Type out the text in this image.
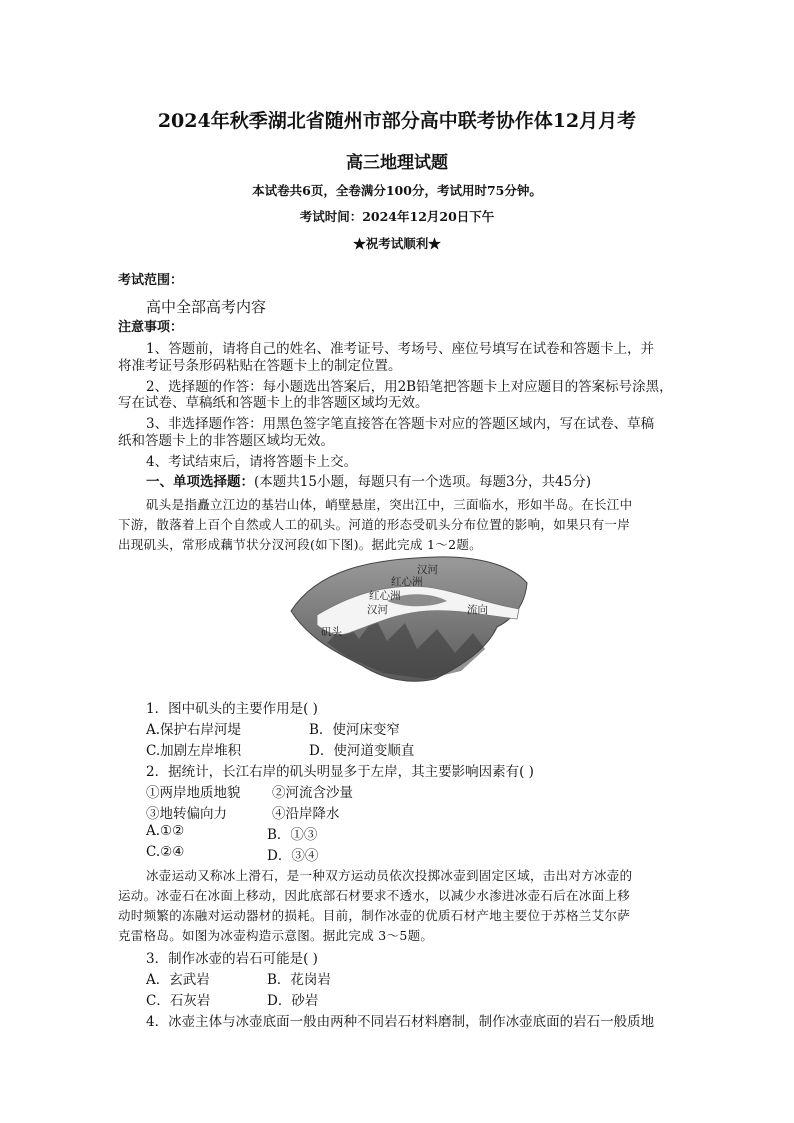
2024年秋季湖北省随州市部分高中联考协作体12月月考
高三地理试题
本试卷共6页，全卷满分100分，考试用时75分钟。
考试时间：2024年12月20日下午
★祝考试顺利★
考试范围：
高中全部高考内容
注意事项：
1、答题前，请将自己的姓名、准考证号、考场号、座位号填写在试卷和答题卡上，并
将准考证号条形码粘贴在答题卡上的制定位置。
2、选择题的作答：每小题选出答案后，用2B铅笔把答题卡上对应题目的答案标号涂黑，
写在试卷、草稿纸和答题卡上的非答题区域均无效。
3、非选择题作答：用黑色签字笔直接答在答题卡对应的答题区域内，写在试卷、草稿
纸和答题卡上的非答题区域均无效。
4、考试结束后，请将答题卡上交。
一、单项选择题：(本题共15小题，每题只有一个选项。每题3分，共45分)
矶头是指矗立江边的基岩山体，峭壁悬崖，突出江中，三面临水，形如半岛。在长江中
下游，散落着上百个自然或人工的矶头。河道的形态受矶头分布位置的影响，如果只有一岸
出现矶头，常形成藕节状分汊河段(如下图)。据此完成 1～2题。
汉河
红心洲
红心洲
汉河	流向
矶头
1．图中矶头的主要作用是( )
A.保护右岸河堤	B．使河床变窄
C.加剧左岸堆积	D．使河道变顺直
2．据统计，长江右岸的矶头明显多于左岸，其主要影响因素有( )
①两岸地质地貌 ②河流含沙量
③地转偏向力	④沿岸降水
A.①②	B．①③
C.②④	D．③④
冰壶运动又称冰上滑石，是一种双方运动员依次投掷冰壶到固定区域，击出对方冰壶的
运动。冰壶石在冰面上移动，因此底部石材要求不透水，以减少水渗进冰壶石后在冰面上移
动时频繁的冻融对运动器材的损耗。目前，制作冰壶的优质石材产地主要位于苏格兰艾尔萨
克雷格岛。如图为冰壶构造示意图。据此完成 3～5题。
3．制作冰壶的岩石可能是( )
A．玄武岩	B．花岗岩
C．石灰岩	D．砂岩
4．冰壶主体与冰壶底面一般由两种不同岩石材料磨制，制作冰壶底面的岩石一般质地
